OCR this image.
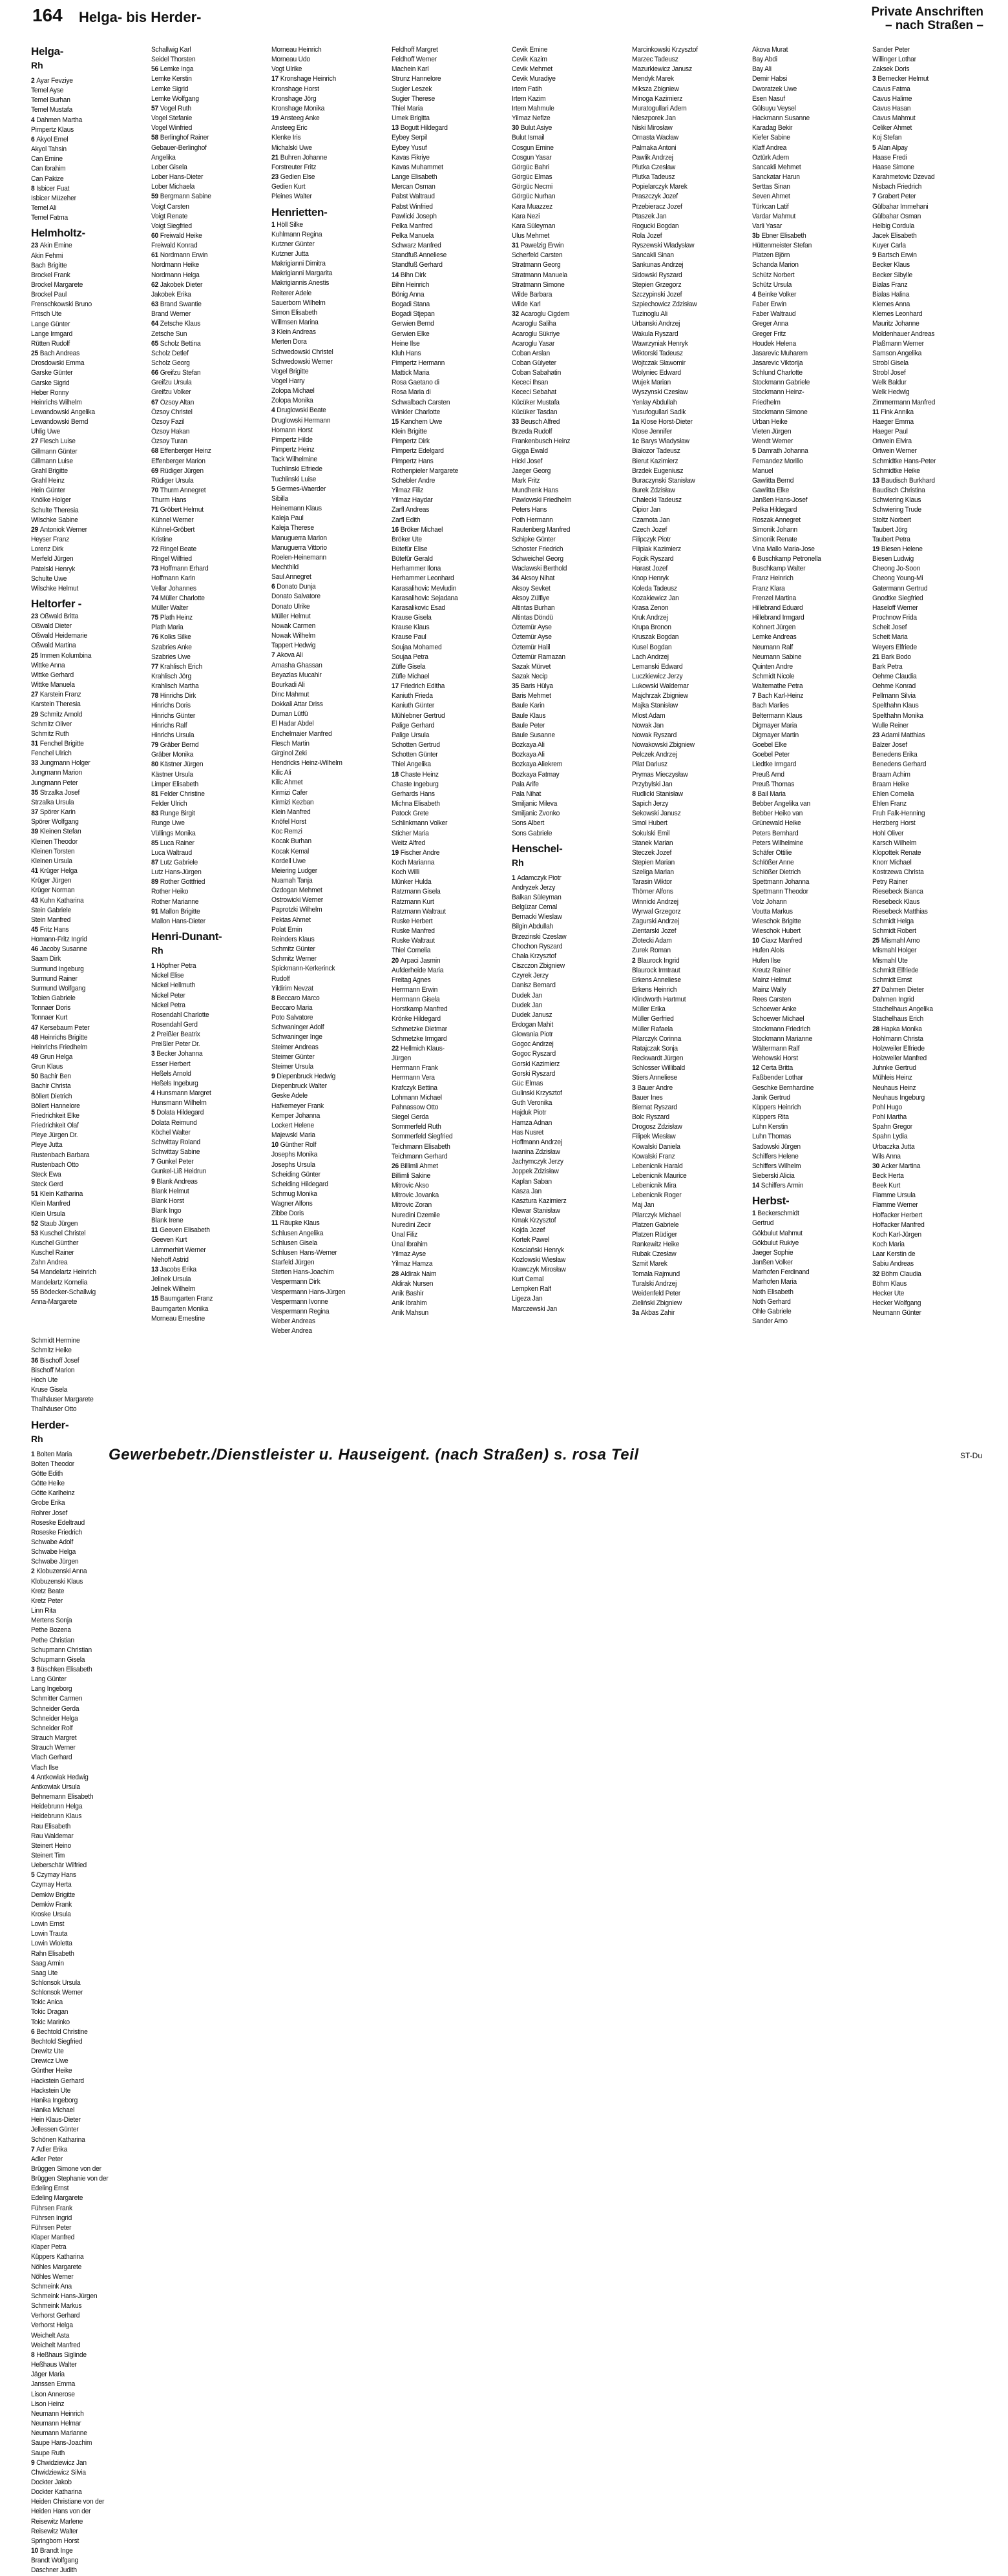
164 Helga- bis Herder-	Private Anschriften
– nach Straßen –
Helga-
Rh
2 Ayar Fevziye
Temel Ayse
Temel Burhan
Temel Mustafa
4 Dahmen Martha
Pimpertz Klaus
6 Akyol Emel
Akyol Tahsin
Can Emine
Can Ibrahim
Can Pakize
8 Isbicer Fuat
Isbicer Müzeher
Temel Ali
Temel Fatma
Helmholtz-
23 Akin Emine
Akin Fehmi
Bach Brigitte
Brockel Frank
Brockel Margarete
Brockel Paul
Frenschkowski Bruno
Fritsch Ute
Lange Günter
Lange Irmgard
Rütten Rudolf
25 Bach Andreas
Drosdowski Emma
Garske Günter
Garske Sigrid
Heber Ronny
Heinrichs Wilhelm
Lewandowski Angelika
Lewandowski Bernd
Uhlig Uwe
27 Flesch Luise
Gillmann Günter
Gillmann Luise
Grahl Brigitte
Grahl Heinz
Hein Günter
Knölke Holger
Schulte Theresia
Wilschke Sabine
29 Antoniok Werner
Heyser Franz
Lorenz Dirk
Merfeld Jürgen
Patelski Henryk
Schulte Uwe
Wilschke Helmut
Heltorfer -
23 Oßwald Britta
Oßwald Dieter
Oßwald Heidemarie
Oßwald Martina
25 Immen Kolumbina
Wittke Anna
Wittke Gerhard
Wittke Manuela
27 Karstein Franz
Karstein Theresia
29 Schmitz Arnold
Schmitz Oliver
Schmitz Ruth
31 Fenchel Brigitte
Fenchel Ulrich
33 Jungmann Holger
Jungmann Marion
Jungmann Peter
35 Strzalka Josef
Strzalka Ursula
37 Spörer Karin
Spörer Wolfgang
39 Kleinen Stefan
Kleinen Theodor
Kleinen Torsten
Kleinen Ursula
41 Krüger Helga
Krüger Jürgen
Krüger Norman
43 Kuhn Katharina
Stein Gabriele
Stein Manfred
45 Fritz Hans
Homann-Fritz Ingrid
46 Jacoby Susanne
Saam Dirk
Surmund Ingeburg
Surmund Rainer
Surmund Wolfgang
Tobien Gabriele
Tonnaer Doris
Tonnaer Kurt
47 Kersebaum Peter
48 Heinrichs Brigitte
Heinrichs Friedhelm
49 Grun Helga
Grun Klaus
50 Bachir Ben
Bachir Christa
Böllert Dietrich
Böllert Hannelore
Friedrichkeit Elke
Friedrichkeit Olaf
Pleye Jürgen Dr.
Pleye Jutta
Rustenbach Barbara
Rustenbach Otto
Steck Ewa
Steck Gerd
51 Klein Katharina
Klein Manfred
Klein Ursula
52 Staub Jürgen
53 Kuschel Christel
Kuschel Günther
Kuschel Rainer
Zahn Andrea
54 Mandelartz Heinrich
Mandelartz Kornelia
55 Bödecker-Schallwig
Anna-Margarete
Schallwig Karl
Seidel Thorsten
56 Lemke Inga
Lemke Kerstin
Lemke Sigrid
Lemke Wolfgang
57 Vogel Ruth
Vogel Stefanie
Vogel Winfried
58 Berlinghof Rainer
Gebauer-Berlinghof
Angelika
Lober Gisela
Lober Hans-Dieter
Lober Michaela
59 Bergmann Sabine
Voigt Carsten
Voigt Renate
Voigt Siegfried
60 Freiwald Heike
Freiwald Konrad
61 Nordmann Erwin
Nordmann Heike
Nordmann Helga
62 Jakobek Dieter
Jakobek Erika
63 Brand Swantie
Brand Werner
64 Zetsche Klaus
Zetsche Sun
65 Scholz Bettina
Scholz Detlef
Scholz Georg
66 Greifzu Stefan
Greifzu Ursula
Greifzu Volker
67 Özsoy Altan
Özsoy Christel
Özsoy Fazil
Özsoy Hakan
Özsoy Turan
68 Effenberger Heinz
Effenberger Marion
69 Rüdiger Jürgen
Rüdiger Ursula
70 Thurm Annegret
Thurm Hans
71 Gröbert Helmut
Kühnel Werner
Kühnel-Gröbert
Kristine
72 Ringel Beate
Ringel Wilfried
73 Hoffmann Erhard
Hoffmann Karin
Vellar Johannes
74 Müller Charlotte
Müller Walter
75 Plath Heinz
Plath Maria
76 Kolks Silke
Szabries Anke
Szabries Uwe
77 Krahlisch Erich
Krahlisch Jörg
Krahlisch Martha
78 Hinrichs Dirk
Hinrichs Doris
Hinrichs Günter
Hinrichs Ralf
Hinrichs Ursula
79 Gräber Bernd
Gräber Monika
80 Kästner Jürgen
Kästner Ursula
Limper Elisabeth
81 Felder Christine
Felder Ulrich
83 Runge Birgit
Runge Uwe
Vüllings Monika
85 Luca Rainer
Luca Waltraud
87 Lutz Gabriele
Lutz Hans-Jürgen
89 Rother Gottfried
Rother Heiko
Rother Marianne
91 Mallon Brigitte
Mallon Hans-Dieter
Henri-Dunant-
Rh
1 Höpfner Petra
Nickel Elise
Nickel Hellmuth
Nickel Peter
Nickel Petra
Rosendahl Charlotte
Rosendahl Gerd
2 Preißler Beatrix
Preißler Peter Dr.
3 Becker Johanna
Esser Herbert
Heßels Arnold
Heßels Ingeburg
4 Hunsmann Margret
Hunsmann Wilhelm
5 Dolata Hildegard
Dolata Reimund
Köchel Walter
Schwittay Roland
Schwittay Sabine
7 Gunkel Peter
Gunkel-Liß Heidrun
9 Blank Andreas
Blank Helmut
Blank Horst
Blank Ingo
Blank Irene
11 Geeven Elisabeth
Geeven Kurt
Lämmerhirt Werner
Niehoff Astrid
13 Jacobs Erika
Jelinek Ursula
Jelinek Wilhelm
15 Baumgarten Franz
Baumgarten Monika
Morneau Ernestine
Morneau Heinrich
Morneau Udo
Vogt Ulrike
17 Kronshage Heinrich
Kronshage Horst
Kronshage Jörg
Kronshage Monika
19 Ansteeg Anke
Ansteeg Eric
Klenke Iris
Michalski Uwe
21 Buhren Johanne
Forstreuter Fritz
23 Gedien Else
Gedien Kurt
Pleines Walter
Henrietten-
1 Höll Silke
Kuhlmann Regina
Kutzner Günter
Kutzner Jutta
Makrigianni Dimitra
Makrigianni Margarita
Makrigiannis Anestis
Reiterer Adele
Sauerborn Wilhelm
Simon Elisabeth
Willmsen Marina
3 Klein Andreas
Merten Dora
Schwedowski Christel
Schwedowski Werner
Vogel Brigitte
Vogel Harry
Zolopa Michael
Zolopa Monika
4 Druglowski Beate
Druglowski Hermann
Homann Horst
Pimpertz Hilde
Pimpertz Heinz
Tack Wilhelmine
Tuchlinski Elfriede
Tuchlinski Luise
5 Germes-Waerder
Sibilla
Heinemann Klaus
Kaleja Paul
Kaleja Therese
Manuguerra Marion
Manuguerra Vittorio
Roelen-Heinemann
Mechthild
Saul Annegret
6 Donato Dunja
Donato Salvatore
Donato Ulrike
Müller Helmut
Nowak Carmen
Nowak Wilhelm
Tappert Hedwig
7 Akova Ali
Amasha Ghassan
Beyazlas Mucahir
Bourkadi Ali
Dinc Mahmut
Dokkali Attar Driss
Duman Lütfü
El Hadar Abdel
Enchelmaier Manfred
Flesch Martin
Girginol Zeki
Hendricks Heinz-Wilhelm
Kilic Ali
Kilic Ahmet
Kirmizi Cafer
Kirmizi Kezban
Klein Manfred
Knöfel Horst
Koc Remzi
Kocak Burhan
Kocak Kemal
Kordell Uwe
Meiering Ludger
Nuamah Tanja
Özdogan Mehmet
Ostrowicki Werner
Paprotzki Wilhelm
Pektas Ahmet
Polat Emin
Reinders Klaus
Schmitz Günter
Schmitz Werner
Spickmann-Kerkerinck
Rudolf
Yildirim Nevzat
8 Beccaro Marco
Beccaro Maria
Poto Salvatore
Schwaninger Adolf
Schwaninger Inge
Steimer Andreas
Steimer Günter
Steimer Ursula
9 Diepenbruck Hedwig
Diepenbruck Walter
Geske Adele
Hafkemeyer Frank
Kemper Johanna
Lockert Helene
Majewski Maria
10 Günther Rolf
Josephs Monika
Josephs Ursula
Scheiding Günter
Scheiding Hildegard
Schmug Monika
Wagner Alfons
Zibbe Doris
11 Räupke Klaus
Schlusen Angelika
Schlusen Gisela
Schlusen Hans-Werner
Starfeld Jürgen
Stetten Hans-Joachim
Vespermann Dirk
Vespermann Hans-Jürgen
Vespermann Ivonne
Vespermann Regina
Weber Andreas
Weber Andrea
Feldhoff Margret
Feldhoff Werner
Machein Karl
Strunz Hannelore
Sugier Leszek
Sugier Therese
Thiel Maria
Umek Brigitta
13 Bogutt Hildegard
Eybey Serpil
Eybey Yusuf
Kavas Fikriye
Kavas Muhammet
Lange Elisabeth
Mercan Osman
Pabst Waltraud
Pabst Winfried
Pawlicki Joseph
Pelka Manfred
Pelka Manuela
Schwarz Manfred
Standfuß Anneliese
Standfuß Gerhard
14 Bihn Dirk
Bihn Heinrich
Bönig Anna
Bogadi Stana
Bogadi Stjepan
Gerwien Bernd
Gerwien Elke
Heine Ilse
Kluh Hans
Pimpertz Hermann
Mattick Maria
Rosa Gaetano di
Rosa Maria di
Schwalbach Carsten
Winkler Charlotte
15 Kanchem Uwe
Klein Brigitte
Pimpertz Dirk
Pimpertz Edelgard
Pimpertz Hans
Rothenpieler Margarete
Schebler Andre
Yilmaz Filiz
Yilmaz Haydar
Zarfl Andreas
Zarfl Edith
16 Bröker Michael
Bröker Ute
Bütefür Elise
Bütefür Gerald
Herhammer Ilona
Herhammer Leonhard
Karasalihovic Mevludin
Karasalihovic Sejadana
Karasalikovic Esad
Krause Gisela
Krause Klaus
Krause Paul
Soujaa Mohamed
Soujaa Petra
Züfle Gisela
Züfle Michael
17 Friedrich Editha
Kaniuth Frieda
Kaniuth Günter
Mühlebner Gertrud
Palige Gerhard
Palige Ursula
Schotten Gertrud
Schotten Günter
Thiel Angelika
18 Chaste Heinz
Chaste Ingeburg
Gerhards Hans
Michna Elisabeth
Patock Grete
Schlinkmann Volker
Sticher Maria
Weitz Alfred
19 Fischer Andre
Koch Marianna
Koch Willi
Münker Hulda
Ratzmann Gisela
Ratzmann Kurt
Ratzmann Waltraut
Ruske Herbert
Ruske Manfred
Ruske Waltraut
Thiel Cornelia
20 Arpaci Jasmin
Aufderheide Maria
Freitag Agnes
Herrmann Erwin
Herrmann Gisela
Horstkamp Manfred
Krönke Hildegard
Schmetzke Dietmar
Schmetzke Irmgard
22 Hellmich Klaus-
Jürgen
Herrmann Frank
Herrmann Vera
Krafczyk Bettina
Lohmann Michael
Pahnassow Otto
Siegel Gerda
Sommerfeld Ruth
Sommerfeld Siegfried
Teichmann Elisabeth
Teichmann Gerhard
26 Billimli Ahmet
Billimli Sakine
Mitrovic Akso
Mitrovic Jovanka
Mitrovic Zoran
Nuredini Dzemile
Nuredini Zecir
Ünal Filiz
Ünal Ibrahim
Yilmaz Ayse
Yilmaz Hamza
28 Aldirak Naim
Aldirak Nursen
Anik Bashir
Anik Ibrahim
Anik Mahsun
Cevik Emine
Cevik Kazim
Cevik Mehmet
Cevik Muradiye
Irtem Fatih
Irtem Kazim
Irtem Mahmule
Yilmaz Nefize
30 Bulut Asiye
Bulut Ismail
Cosgun Emine
Cosgun Yasar
Görgüc Bahri
Görgüc Elmas
Görgüc Necmi
Görgüc Nurhan
Kara Muazzez
Kara Nezi
Kara Süleyman
Ulus Mehmet
31 Pawelzig Erwin
Scherfeld Carsten
Stratmann Georg
Stratmann Manuela
Stratmann Simone
Wilde Barbara
Wilde Karl
32 Acaroglu Cigdem
Acaroglu Saliha
Acaroglu Sükriye
Acaroglu Yasar
Coban Arslan
Coban Gülyeter
Coban Sabahatin
Kececi Ihsan
Kececi Sebahat
Kücüker Mustafa
Kücüker Tasdan
33 Beusch Alfred
Brzeda Rudolf
Frankenbusch Heinz
Gigga Ewald
Hickl Josef
Jaeger Georg
Mark Fritz
Mundhenk Hans
Pawlowski Friedhelm
Peters Hans
Poth Hermann
Rautenberg Manfred
Schipke Günter
Schoster Friedrich
Schweichel Georg
Waclawski Berthold
34 Aksoy Nihat
Aksoy Sevket
Aksoy Zülfiye
Altintas Burhan
Altintas Döndü
Öztemür Ayse
Öztemür Ayse
Öztemür Halil
Öztemür Ramazan
Sazak Mürvet
Sazak Necip
35 Baris Hülya
Baris Mehmet
Baule Karin
Baule Klaus
Baule Peter
Baule Susanne
Bozkaya Ali
Bozkaya Ali
Bozkaya Aliekrem
Bozkaya Fatmay
Pala Arife
Pala Nihat
Smiljanic Mileva
Smiljanic Zvonko
Sons Albert
Sons Gabriele
Henschel-
Rh
1 Adamczyk Piotr
Andryzek Jerzy
Balkan Süleyman
Belgüzar Cemal
Bernacki Wieslaw
Bilgin Abdullah
Brzezinski Czeslaw
Chochon Ryszard
Chała Krzysztof
Ciszczon Zbigniew
Czyrek Jerzy
Danisz Bernard
Dudek Jan
Dudek Jan
Dudek Janusz
Erdogan Mahit
Glowania Piotr
Gogoc Andrzej
Gogoc Ryszard
Gorski Kazimierz
Gorski Ryszard
Güc Elmas
Gulinski Krzysztof
Guth Veronika
Hajduk Piotr
Hamza Adnan
Has Nusret
Hoffmann Andrzej
Iwanina Zdzisław
Jachymczyk Jerzy
Joppek Zdzisław
Kaplan Saban
Kasza Jan
Kasztura Kazimierz
Klewar Stanisław
Kmak Krzysztof
Kojda Jozef
Kortek Pawel
Kosciański Henryk
Kozlowski Wiesław
Krawczyk Mirosław
Kurt Cemal
Lempken Ralf
Ligeza Jan
Marczewski Jan
Marcinkowski Krzysztof
Marzec Tadeusz
Mazurkiewicz Janusz
Mendyk Marek
Miksza Zbigniew
Minoga Kazimierz
Muratogullari Adem
Nieszporek Jan
Niski Mirosław
Ornasta Wacław
Palmaka Antoni
Pawlik Andrzej
Plutka Czesław
Plutka Tadeusz
Popielarczyk Marek
Praszczyk Jozef
Przebieracz Jozef
Ptaszek Jan
Rogucki Bogdan
Rola Jozef
Ryszewski Władysław
Sancakli Sinan
Sankunas Andrzej
Sidowski Ryszard
Stepien Grzegorz
Szczypinski Jozef
Szpiechowicz Zdzisław
Tuzinoglu Ali
Urbanski Andrzej
Wakula Ryszard
Wawrzyniak Henryk
Wiktorski Tadeusz
Wojtczak Sławomir
Wolyniec Edward
Wujek Marian
Wyszynski Czesław
Yenlay Abdullah
Yusufogullari Sadik
1a Klose Horst-Dieter
Klose Jennifer
1c Barys Władysław
Białozor Tadeusz
Bierut Kazimierz
Brzdek Eugeniusz
Buraczynski Stanisław
Burek Zdzisław
Chałecki Tadeusz
Cipior Jan
Czarnota Jan
Czech Jozef
Filipczyk Piotr
Filipiak Kazimierz
Fojcik Ryszard
Harast Jozef
Knop Henryk
Koleda Tadeusz
Kozakiewicz Jan
Krasa Zenon
Kruk Andrzej
Krupa Bronon
Kruszak Bogdan
Kusel Bogdan
Lach Andrzej
Lemanski Edward
Luczkiewicz Jerzy
Lukowski Waldemar
Majchrzak Zbigniew
Majka Stanisław
Mlost Adam
Nowak Jan
Nowak Ryszard
Nowakowski Zbigniew
Pelczek Andrzej
Pilat Dariusz
Prymas Mieczysław
Przybylski Jan
Rudlicki Stanisław
Sapich Jerzy
Sekowski Janusz
Smol Hubert
Sokulski Emil
Stanek Marian
Steczek Jozef
Stepien Marian
Szeliga Marian
Tarasin Wiktor
Thörner Alfons
Winnicki Andrzej
Wyrwal Grzegorz
Zagurski Andrzej
Zientarski Jozef
Zlotecki Adam
Zurek Roman
2 Blaurock Ingrid
Blaurock Irmtraut
Erkens Anneliese
Erkens Heinrich
Klindworth Hartmut
Müller Erika
Müller Gerfried
Müller Rafaela
Pilarczyk Corinna
Ratajczak Sonja
Reckwardt Jürgen
Schlosser Willibald
Stiers Anneliese
3 Bauer Andre
Bauer Ines
Biernat Ryszard
Bolc Ryszard
Drogosz Zdzisław
Filipek Wiesław
Kowalski Daniela
Kowalski Franz
Lebenicnik Harald
Lebenicnik Maurice
Lebenicnik Mira
Lebenicnik Roger
Maj Jan
Pilarczyk Michael
Platzen Gabriele
Platzen Rüdiger
Rankewitz Heike
Rubak Czesław
Szmit Marek
Tomala Rajmund
Turalski Andrzej
Weidenfeld Peter
Zieliński Zbigniew
3a Akbas Zahir
Akova Murat
Bay Abdi
Bay Ali
Demir Habsi
Dworatzek Uwe
Esen Nasuf
Gülsuyu Veysel
Hackmann Susanne
Karadag Bekir
Kiefer Sabine
Klaff Andrea
Öztürk Adem
Sancakli Mehmet
Sanckatar Harun
Serttas Sinan
Seven Ahmet
Türkcan Latif
Vardar Mahmut
Varli Yasar
3b Ebner Elisabeth
Hüttenmeister Stefan
Platzen Björn
Schanda Marion
Schütz Norbert
Schütz Ursula
4 Beinke Volker
Faber Erwin
Faber Waltraud
Greger Anna
Greger Fritz
Houdek Helena
Jasarevic Muharem
Jasarevic Viktorija
Schlund Charlotte
Stockmann Gabriele
Stockmann Heinz-
Friedhelm
Stockmann Simone
Urban Heike
Vieten Jürgen
Wendt Werner
5 Damrath Johanna
Fernandez Morillo
Manuel
Gawlitta Bernd
Gawlitta Elke
Janßen Hans-Josef
Pelka Hildegard
Roszak Annegret
Simonik Johann
Simonik Renate
Vina Mallo Maria-Jose
6 Buschkamp Petronella
Buschkamp Walter
Franz Heinrich
Franz Klara
Frenzel Martina
Hillebrand Eduard
Hillebrand Irmgard
Kohnert Jürgen
Lemke Andreas
Neumann Ralf
Neumann Sabine
Quinten Andre
Schmidt Nicole
Waltemathe Petra
7 Bach Karl-Heinz
Bach Marlies
Beltermann Klaus
Digmayer Maria
Digmayer Martin
Goebel Elke
Goebel Peter
Liedtke Irmgard
Preuß Arnd
Preuß Thomas
8 Bail Maria
Bebber Angelika van
Bebber Heiko van
Grünewald Heike
Peters Bernhard
Peters Wilhelmine
Schäfer Ottilie
Schlößer Anne
Schlößer Dietrich
Spettmann Johanna
Spettmann Theodor
Volz Johann
Voutta Markus
Wieschok Brigitte
Wieschok Hubert
10 Ciaxz Manfred
Hufen Alois
Hufen Ilse
Kreutz Rainer
Mainz Helmut
Mainz Wally
Rees Carsten
Schoewer Anke
Schoewer Michael
Stockmann Friedrich
Stockmann Marianne
Wältermann Ralf
Wehowski Horst
12 Certa Britta
Faßbender Lothar
Geschke Bernhardine
Janik Gertrud
Küppers Heinrich
Küppers Rita
Luhn Kerstin
Luhn Thomas
Sadowski Jürgen
Schiffers Helene
Schiffers Wilhelm
Sieberski Alicia
14 Schiffers Armin
Herbst-
1 Beckerschmidt
Gertrud
Gökbulut Mahmut
Gökbulut Rukiye
Jaeger Sophie
Janßen Volker
Marhofen Ferdinand
Marhofen Maria
Noth Elisabeth
Noth Gerhard
Ohle Gabriele
Sander Arno
Sander Peter
Willinger Lothar
Zaksek Doris
3 Bernecker Helmut
Cavus Fatma
Cavus Halime
Cavus Hasan
Cavus Mahmut
Celiker Ahmet
Koj Stefan
5 Alan Alpay
Haase Fredi
Haase Simone
Karahmetovic Dzevad
Nisbach Friedrich
7 Grabert Peter
Gülbahar Immehani
Gülbahar Osman
Helbig Cordula
Jacek Elisabeth
Kuyer Carla
9 Bartsch Erwin
Becker Klaus
Becker Sibylle
Bialas Franz
Bialas Halina
Klemes Anna
Klemes Leonhard
Mauritz Johanne
Moldenhauer Andreas
Plaßmann Werner
Samson Angelika
Strobl Gisela
Strobl Josef
Welk Baldur
Welk Hedwig
Zimmermann Manfred
11 Fink Annika
Haeger Emma
Haeger Paul
Ortwein Elvira
Ortwein Werner
Schmidtke Hans-Peter
Schmidtke Heike
13 Baudisch Burkhard
Baudisch Christina
Schwiering Klaus
Schwiering Trude
Stoltz Norbert
Taubert Jörg
Taubert Petra
19 Biesen Helene
Biesen Ludwig
Cheong Jo-Soon
Cheong Young-Mi
Gatermann Gertrud
Gnodtke Siegfried
Haseloff Werner
Prochnow Frida
Scheit Josef
Scheit Maria
Weyers Elfriede
21 Bark Bodo
Bark Petra
Oehme Claudia
Oehme Konrad
Pellmann Silvia
Spelthahn Klaus
Spelthahn Monika
Wulle Reiner
23 Adami Matthias
Balzer Josef
Benedens Erika
Benedens Gerhard
Braam Achim
Braam Heike
Ehlen Cornelia
Ehlen Franz
Fruh Falk-Henning
Herzberg Horst
Hohl Oliver
Karsch Wilhelm
Klopottek Renate
Knorr Michael
Kostrzewa Christa
Petry Rainer
Riesebeck Bianca
Riesebeck Klaus
Riesebeck Matthias
Schmidt Helga
Schmidt Robert
25 Mismahl Arno
Mismahl Holger
Mismahl Ute
Schmidt Elfriede
Schmidt Ernst
27 Dahmen Dieter
Dahmen Ingrid
Stachelhaus Angelika
Stachelhaus Erich
28 Hapka Monika
Hohlmann Christa
Holzweiler Elfriede
Holzweiler Manfred
Juhnke Gertrud
Mühleis Heinz
Neuhaus Heinz
Neuhaus Ingeburg
Pohl Hugo
Pohl Martha
Spahn Gregor
Spahn Lydia
Urbaczka Jutta
Wils Anna
30 Acker Martina
Beck Herta
Beek Kurt
Flamme Ursula
Flamme Werner
Hoffacker Herbert
Hoffacker Manfred
Koch Karl-Jürgen
Koch Maria
Laar Kerstin de
Sabiu Andreas
32 Böhm Claudia
Böhm Klaus
Hecker Ute
Hecker Wolfgang
Neumann Günter
Schmidt Hermine
Schmitz Heike
36 Bischoff Josef
Bischoff Marion
Hoch Ute
Kruse Gisela
Thalhäuser Margarete
Thalhäuser Otto
Herder-
Rh
1 Bolten Maria
Bolten Theodor
Götte Edith
Götte Heike
Götte Karlheinz
Grobe Erika
Rohrer Josef
Roseske Edeltraud
Roseske Friedrich
Schwabe Adolf
Schwabe Helga
Schwabe Jürgen
2 Klobuzenski Anna
Klobuzenski Klaus
Kretz Beate
Kretz Peter
Linn Rita
Mertens Sonja
Pethe Bozena
Pethe Christian
Schupmann Christian
Schupmann Gisela
3 Büschken Elisabeth
Lang Günter
Lang Ingeborg
Schmitter Carmen
Schneider Gerda
Schneider Helga
Schneider Rolf
Strauch Margret
Strauch Werner
Vlach Gerhard
Vlach Ilse
4 Antkowiak Hedwig
Antkowiak Ursula
Behnemann Elisabeth
Heidebrunn Helga
Heidebrunn Klaus
Rau Elisabeth
Rau Waldemar
Steinert Heino
Steinert Tim
Ueberschär Wilfried
5 Czymay Hans
Czymay Herta
Demkiw Brigitte
Demkiw Frank
Kroske Ursula
Lowin Ernst
Lowin Trauta
Lowin Wioletta
Rahn Elisabeth
Saag Armin
Saag Ute
Schlonsok Ursula
Schlonsok Werner
Tokic Anica
Tokic Dragan
Tokic Marinko
6 Bechtold Christine
Bechtold Siegfried
Drewitz Ute
Drewicz Uwe
Günther Heike
Hackstein Gerhard
Hackstein Ute
Hanika Ingeborg
Hanika Michael
Hein Klaus-Dieter
Jellessen Günter
Schönen Katharina
7 Adler Erika
Adler Peter
Brüggen Simone von der
Brüggen Stephanie von der
Edeling Ernst
Edeling Margarete
Führsen Frank
Führsen Ingrid
Führsen Peter
Klaper Manfred
Klaper Petra
Küppers Katharina
Nöhles Margarete
Nöhles Werner
Schmeink Ana
Schmeink Hans-Jürgen
Schmeink Markus
Verhorst Gerhard
Verhorst Helga
Weichelt Asta
Weichelt Manfred
8 Heßhaus Siglinde
Heßhaus Walter
Jäger Maria
Janssen Emma
Lison Annerose
Lison Heinz
Neumann Heinrich
Neumann Helmar
Neumann Marianne
Saupe Hans-Joachim
Saupe Ruth
9 Chwidziewicz Jan
Chwidziewicz Silvia
Dockter Jakob
Dockter Katharina
Heiden Christiane von der
Heiden Hans von der
Reisewitz Marlene
Reisewitz Walter
Springborn Horst
10 Brandt Inge
Brandt Wolfgang
Daschner Judith
Gewerbebetr./Dienstleister u. Hauseigent. (nach Straßen) s. rosa Teil	ST-Du
